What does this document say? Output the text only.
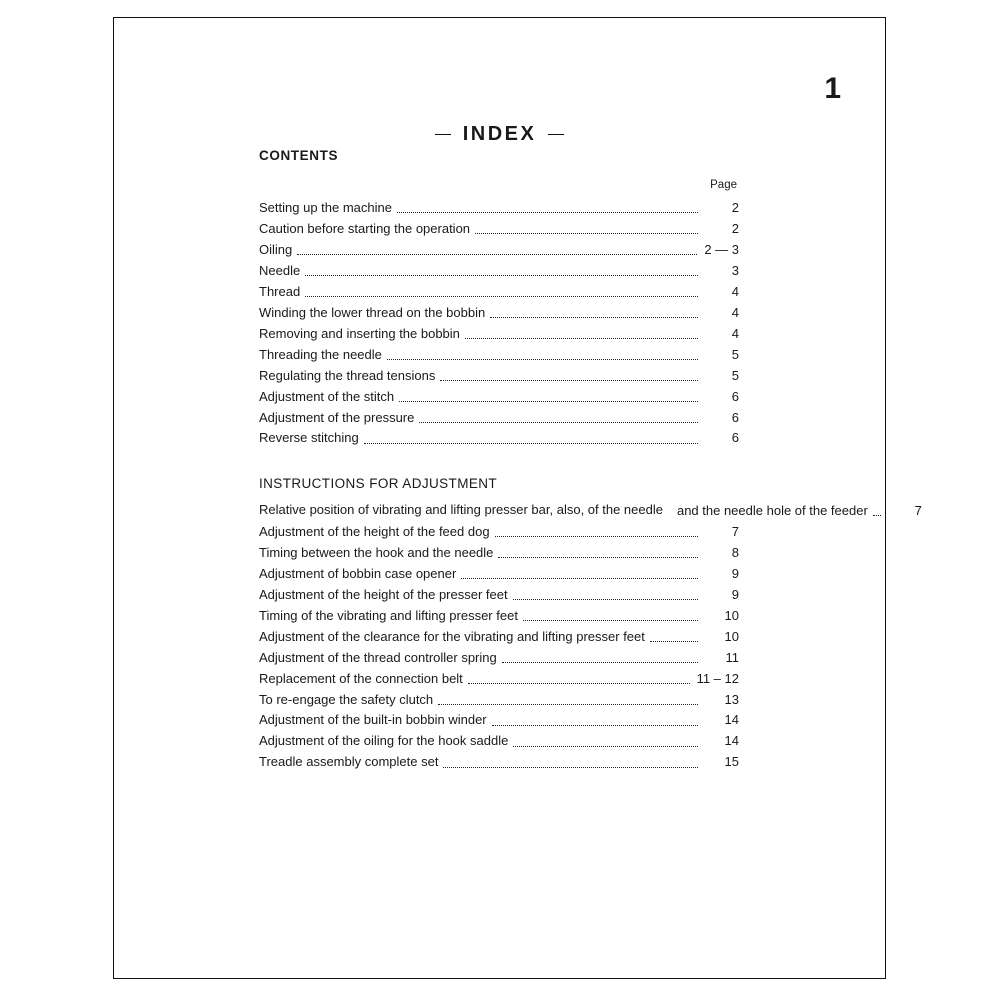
1
INDEX
CONTENTS
Page
Setting up the machine	2
Caution before starting the operation	2
Oiling	2 — 3
Needle	3
Thread	4
Winding the lower thread on the bobbin	4
Removing and inserting the bobbin	4
Threading the needle	5
Regulating the thread tensions	5
Adjustment of the stitch	6
Adjustment of the pressure	6
Reverse stitching	6
INSTRUCTIONS FOR ADJUSTMENT
Relative position of vibrating and lifting presser bar, also, of the needle and the needle hole of the feeder	7
Adjustment of the height of the feed dog	7
Timing between the hook and the needle	8
Adjustment of bobbin case opener	9
Adjustment of the height of the presser feet	9
Timing of the vibrating and lifting presser feet	10
Adjustment of the clearance for the vibrating and lifting presser feet	10
Adjustment of the thread controller spring	11
Replacement of the connection belt	11 – 12
To re-engage the safety clutch	13
Adjustment of the built-in bobbin winder	14
Adjustment of the oiling for the hook saddle	14
Treadle assembly complete set	15
